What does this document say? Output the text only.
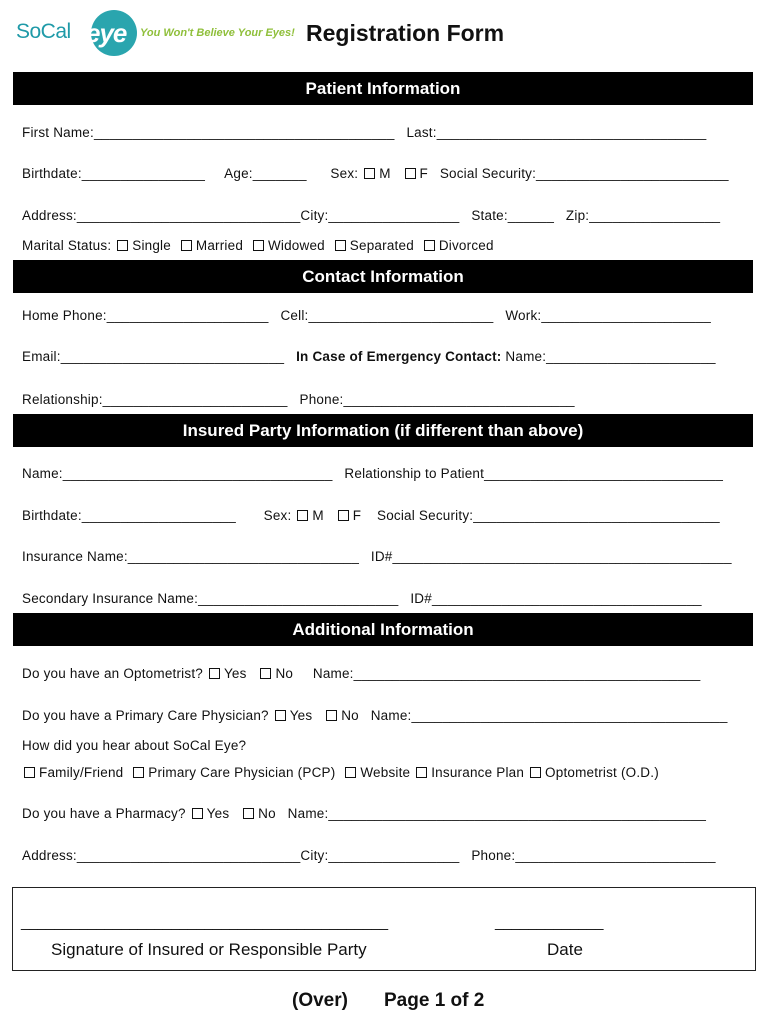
SoCal eye You Won't Believe Your Eyes! Registration Form
Patient Information
First Name:_______________________________________ Last:___________________________________
Birthdate:________________ Age:_______ Sex: M F Social Security:_________________________
Address:_____________________________City:_________________ State:______ Zip:_________________
Marital Status: Single Married Widowed Separated Divorced
Contact Information
Home Phone:_____________________ Cell:________________________ Work:______________________
Email:_____________________________ In Case of Emergency Contact: Name:______________________
Relationship:________________________ Phone:______________________________
Insured Party Information (if different than above)
Name:___________________________________ Relationship to Patient_______________________________
Birthdate:____________________ Sex: M F Social Security:________________________________
Insurance Name:______________________________ ID#____________________________________________
Secondary Insurance Name:__________________________ ID#___________________________________
Additional Information
Do you have an Optometrist? Yes No Name:_____________________________________________
Do you have a Primary Care Physician? Yes No Name:_________________________________________
How did you hear about SoCal Eye?
Family/Friend Primary Care Physician (PCP) Website Insurance Plan Optometrist (O.D.)
Do you have a Pharmacy? Yes No Name:_________________________________________________
Address:_____________________________City:_________________ Phone:__________________________
____________________________________________	_____________
Signature of Insured or Responsible Party	Date
(Over) Page 1 of 2
